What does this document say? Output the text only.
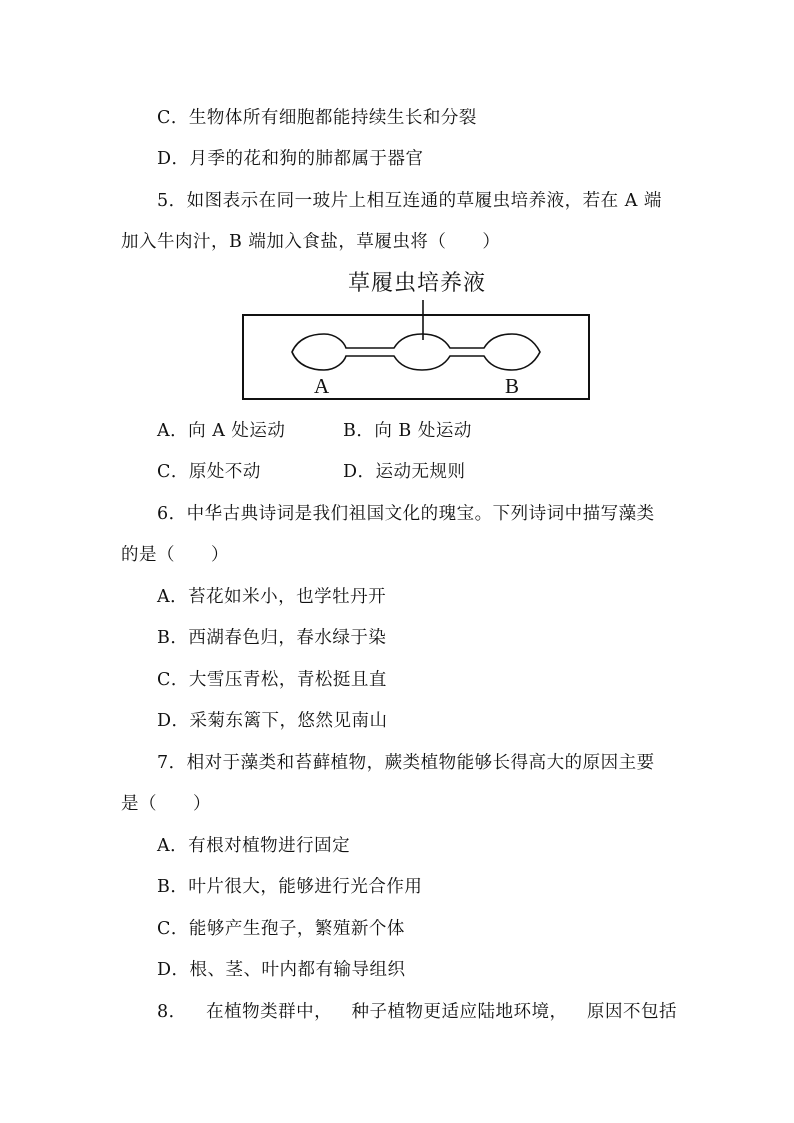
C．生物体所有细胞都能持续生长和分裂
D．月季的花和狗的肺都属于器官
5．如图表示在同一玻片上相互连通的草履虫培养液，若在 A 端
加入牛肉汁，B 端加入食盐，草履虫将（　　）
草履虫培养液
A	B
A．向 A 处运动	B．向 B 处运动
C．原处不动	D．运动无规则
6．中华古典诗词是我们祖国文化的瑰宝。下列诗词中描写藻类
的是（　　）
A．苔花如米小，也学牡丹开
B．西湖春色归，春水绿于染
C．大雪压青松，青松挺且直
D．采菊东篱下，悠然见南山
7．相对于藻类和苔藓植物，蕨类植物能够长得高大的原因主要
是（　　）
A．有根对植物进行固定
B．叶片很大，能够进行光合作用
C．能够产生孢子，繁殖新个体
D．根、茎、叶内都有输导组织
8． 在植物类群中， 种子植物更适应陆地环境， 原因不包括
